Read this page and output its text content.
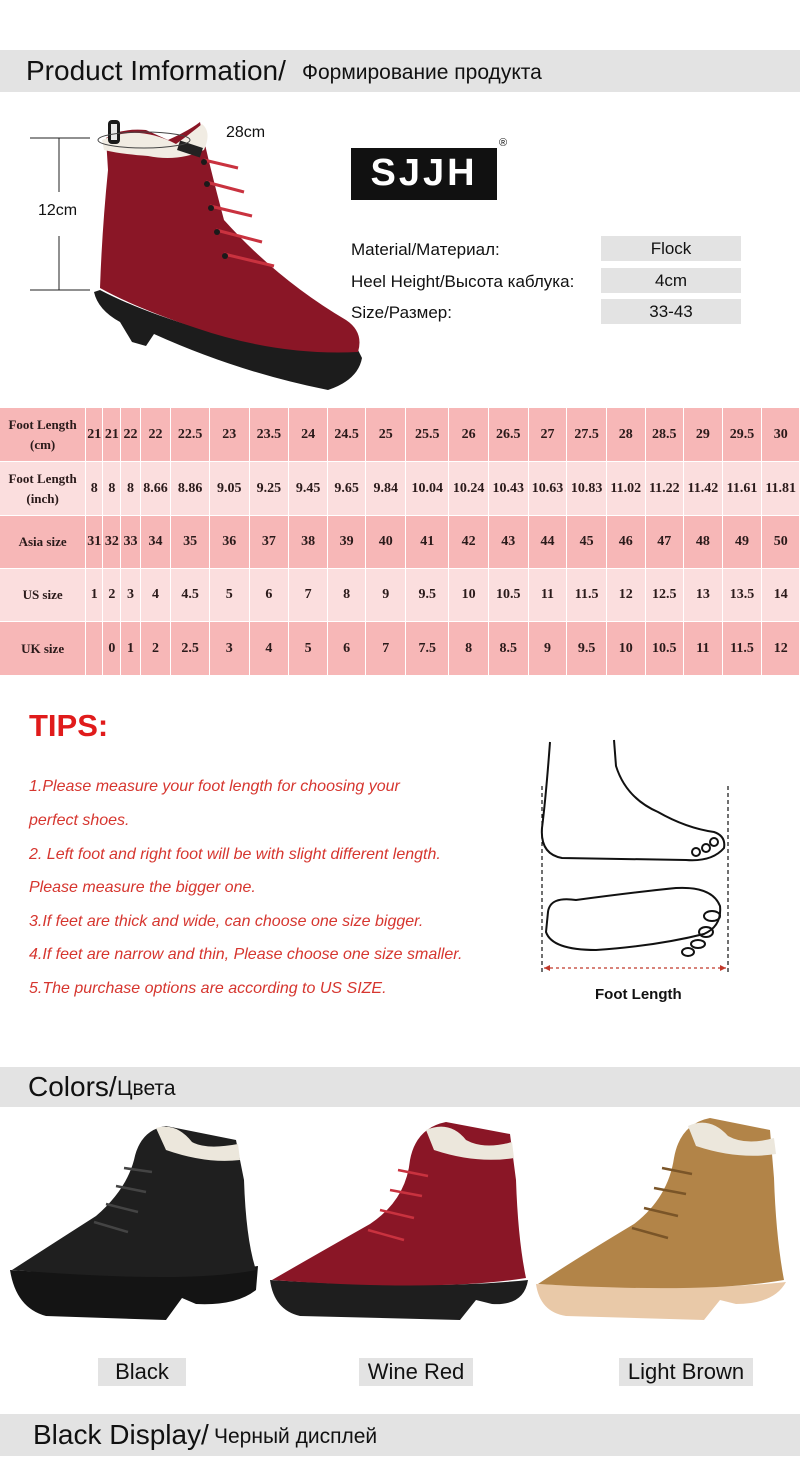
Product Imformation/ Формирование продукта
28cm
12cm
SJJH
®
Material/Материал:	Flock
Heel Height/Высота каблука:	4cm
Size/Размер:	33-43
Foot Length
(cm)	21	21	22	22	22.5	23	23.5	24	24.5	25	25.5	26	26.5	27	27.5	28	28.5	29	29.5	30

Foot Length
(inch)	8	8	8	8.66	8.86	9.05	9.25	9.45	9.65	9.84	10.04	10.24	10.43	10.63	10.83	11.02	11.22	11.42	11.61	11.81

Asia size	31	32	33	34	35	36	37	38	39	40	41	42	43	44	45	46	47	48	49	50

US size	1	2	3	4	4.5	5	6	7	8	9	9.5	10	10.5	11	11.5	12	12.5	13	13.5	14

UK size		0	1	2	2.5	3	4	5	6	7	7.5	8	8.5	9	9.5	10	10.5	11	11.5	12
TIPS:
1.Please measure your foot length for choosing your
perfect shoes.
2. Left foot and right foot will be with slight different length.
Please measure the bigger one.
3.If feet are thick and wide, can choose one size bigger.
4.If feet are narrow and thin, Please choose one size smaller.
5.The purchase options are according to US SIZE.	Foot Length
Colors/ Цвета
Black	Wine Red	Light Brown
Black Display/ Черный дисплей
